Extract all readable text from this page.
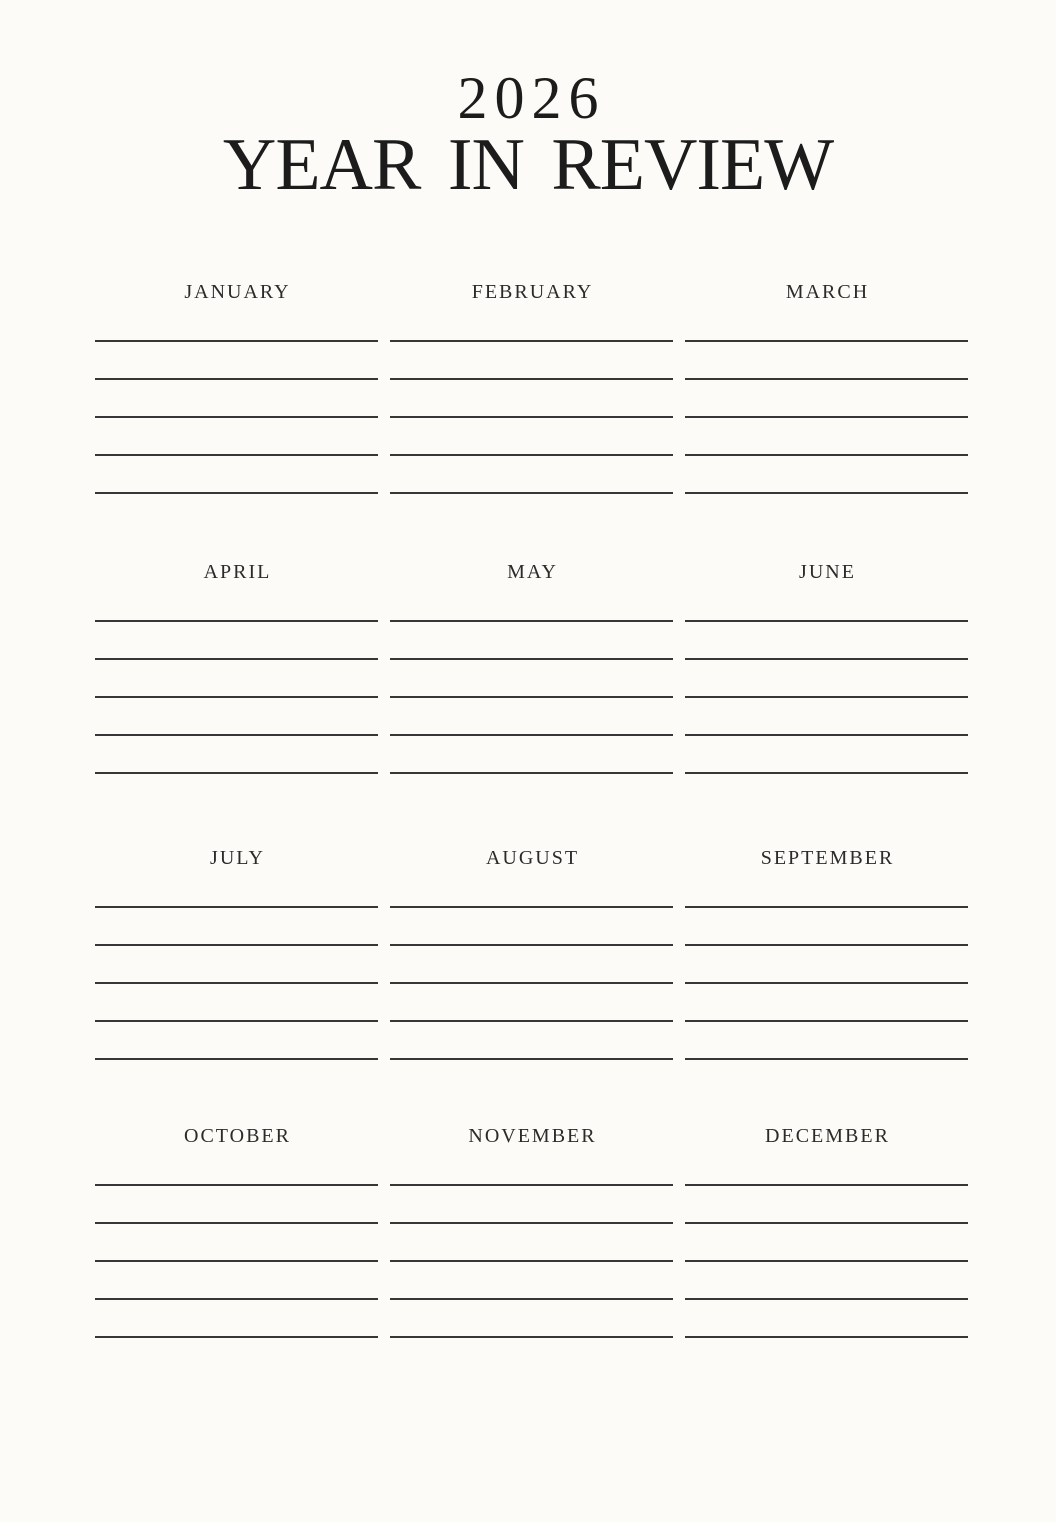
2026
YEAR IN REVIEW
JANUARY	FEBRUARY	MARCH
APRIL	MAY	JUNE
JULY	AUGUST	SEPTEMBER
OCTOBER	NOVEMBER	DECEMBER
